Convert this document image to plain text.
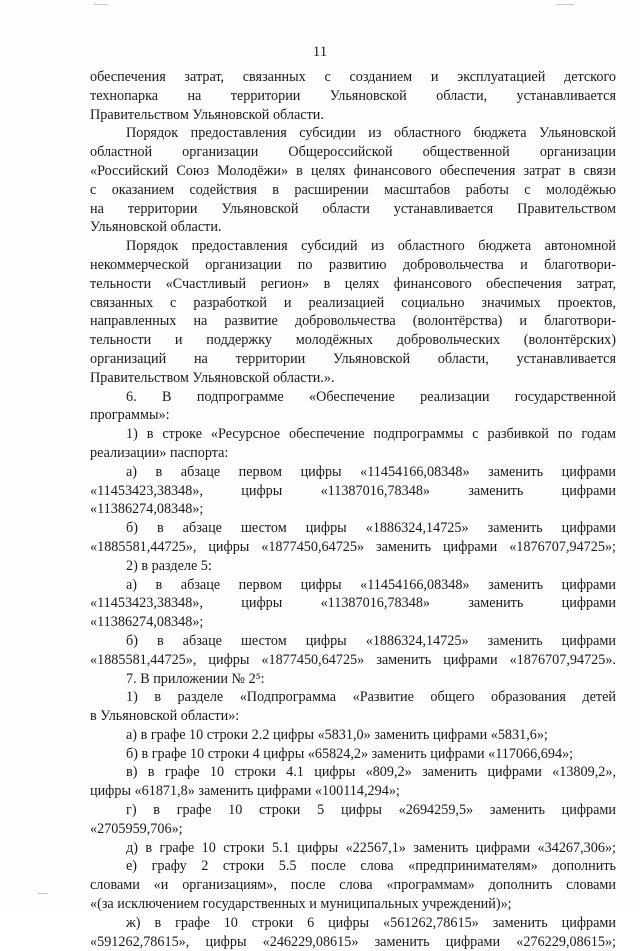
11
обеспечения затрат, связанных с созданием и эксплуатацией детского
технопарка на территории Ульяновской области, устанавливается
Правительством Ульяновской области.
Порядок предоставления субсидии из областного бюджета Ульяновской
областной организации Общероссийской общественной организации
«Российский Союз Молодёжи» в целях финансового обеспечения затрат в связи
с оказанием содействия в расширении масштабов работы с молодёжью
на территории Ульяновской области устанавливается Правительством
Ульяновской области.
Порядок предоставления субсидий из областного бюджета автономной
некоммерческой организации по развитию добровольчества и благотвори-
тельности «Счастливый регион» в целях финансового обеспечения затрат,
связанных с разработкой и реализацией социально значимых проектов,
направленных на развитие добровольчества (волонтёрства) и благотвори-
тельности и поддержку молодёжных добровольческих (волонтёрских)
организаций на территории Ульяновской области, устанавливается
Правительством Ульяновской области.».
6. В подпрограмме «Обеспечение реализации государственной
программы»:
1) в строке «Ресурсное обеспечение подпрограммы с разбивкой по годам
реализации» паспорта:
а) в абзаце первом цифры «11454166,08348» заменить цифрами
«11453423,38348», цифры «11387016,78348» заменить цифрами
«11386274,08348»;
б) в абзаце шестом цифры «1886324,14725» заменить цифрами
«1885581,44725», цифры «1877450,64725» заменить цифрами «1876707,94725»;
2) в разделе 5:
а) в абзаце первом цифры «11454166,08348» заменить цифрами
«11453423,38348», цифры «11387016,78348» заменить цифрами
«11386274,08348»;
б) в абзаце шестом цифры «1886324,14725» заменить цифрами
«1885581,44725», цифры «1877450,64725» заменить цифрами «1876707,94725».
7. В приложении № 2⁵:
1) в разделе «Подпрограмма «Развитие общего образования детей
в Ульяновской области»:
а) в графе 10 строки 2.2 цифры «5831,0» заменить цифрами «5831,6»;
б) в графе 10 строки 4 цифры «65824,2» заменить цифрами «117066,694»;
в) в графе 10 строки 4.1 цифры «809,2» заменить цифрами «13809,2»,
цифры «61871,8» заменить цифрами «100114,294»;
г) в графе 10 строки 5 цифры «2694259,5» заменить цифрами
«2705959,706»;
д) в графе 10 строки 5.1 цифры «22567,1» заменить цифрами «34267,306»;
е) графу 2 строки 5.5 после слова «предпринимателям» дополнить
словами «и организациям», после слова «программам» дополнить словами
«(за исключением государственных и муниципальных учреждений)»;
ж) в графе 10 строки 6 цифры «561262,78615» заменить цифрами
«591262,78615», цифры «246229,08615» заменить цифрами «276229,08615»;
